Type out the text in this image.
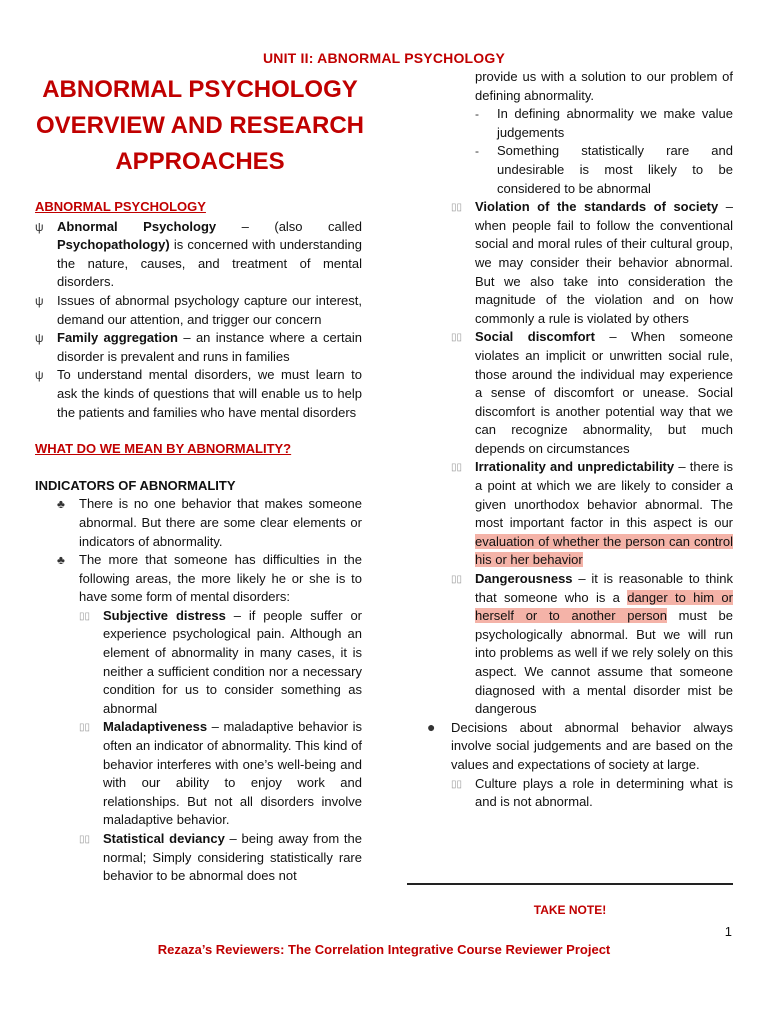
UNIT II: ABNORMAL PSYCHOLOGY
ABNORMAL PSYCHOLOGY OVERVIEW AND RESEARCH APPROACHES
ABNORMAL PSYCHOLOGY
ψ Abnormal Psychology – (also called Psychopathology) is concerned with understanding the nature, causes, and treatment of mental disorders.
ψ Issues of abnormal psychology capture our interest, demand our attention, and trigger our concern
ψ Family aggregation – an instance where a certain disorder is prevalent and runs in families
ψ To understand mental disorders, we must learn to ask the kinds of questions that will enable us to help the patients and families who have mental disorders
WHAT DO WE MEAN BY ABNORMALITY?
INDICATORS OF ABNORMALITY
♣ There is no one behavior that makes someone abnormal. But there are some clear elements or indicators of abnormality.
♣ The more that someone has difficulties in the following areas, the more likely he or she is to have some form of mental disorders:
▯▯ Subjective distress – if people suffer or experience psychological pain. Although an element of abnormality in many cases, it is neither a sufficient condition nor a necessary condition for us to consider something as abnormal
▯▯ Maladaptiveness – maladaptive behavior is often an indicator of abnormality. This kind of behavior interferes with one’s well-being and with our ability to enjoy work and relationships. But not all disorders involve maladaptive behavior.
▯▯ Statistical deviancy – being away from the normal; Simply considering statistically rare behavior to be abnormal does not
provide us with a solution to our problem of defining abnormality.
- In defining abnormality we make value judgements
- Something statistically rare and undesirable is most likely to be considered to be abnormal
▯▯ Violation of the standards of society – when people fail to follow the conventional social and moral rules of their cultural group, we may consider their behavior abnormal. But we also take into consideration the magnitude of the violation and on how commonly a rule is violated by others
▯▯ Social discomfort – When someone violates an implicit or unwritten social rule, those around the individual may experience a sense of discomfort or unease. Social discomfort is another potential way that we can recognize abnormality, but much depends on circumstances
▯▯ Irrationality and unpredictability – there is a point at which we are likely to consider a given unorthodox behavior abnormal. The most important factor in this aspect is our evaluation of whether the person can control his or her behavior
▯▯ Dangerousness – it is reasonable to think that someone who is a danger to him or herself or to another person must be psychologically abnormal. But we will run into problems as well if we rely solely on this aspect. We cannot assume that someone diagnosed with a mental disorder mist be dangerous
● Decisions about abnormal behavior always involve social judgements and are based on the values and expectations of society at large.
▯▯ Culture plays a role in determining what is and is not abnormal.
TAKE NOTE!
1
Rezaza’s Reviewers: The Correlation Integrative Course Reviewer Project
